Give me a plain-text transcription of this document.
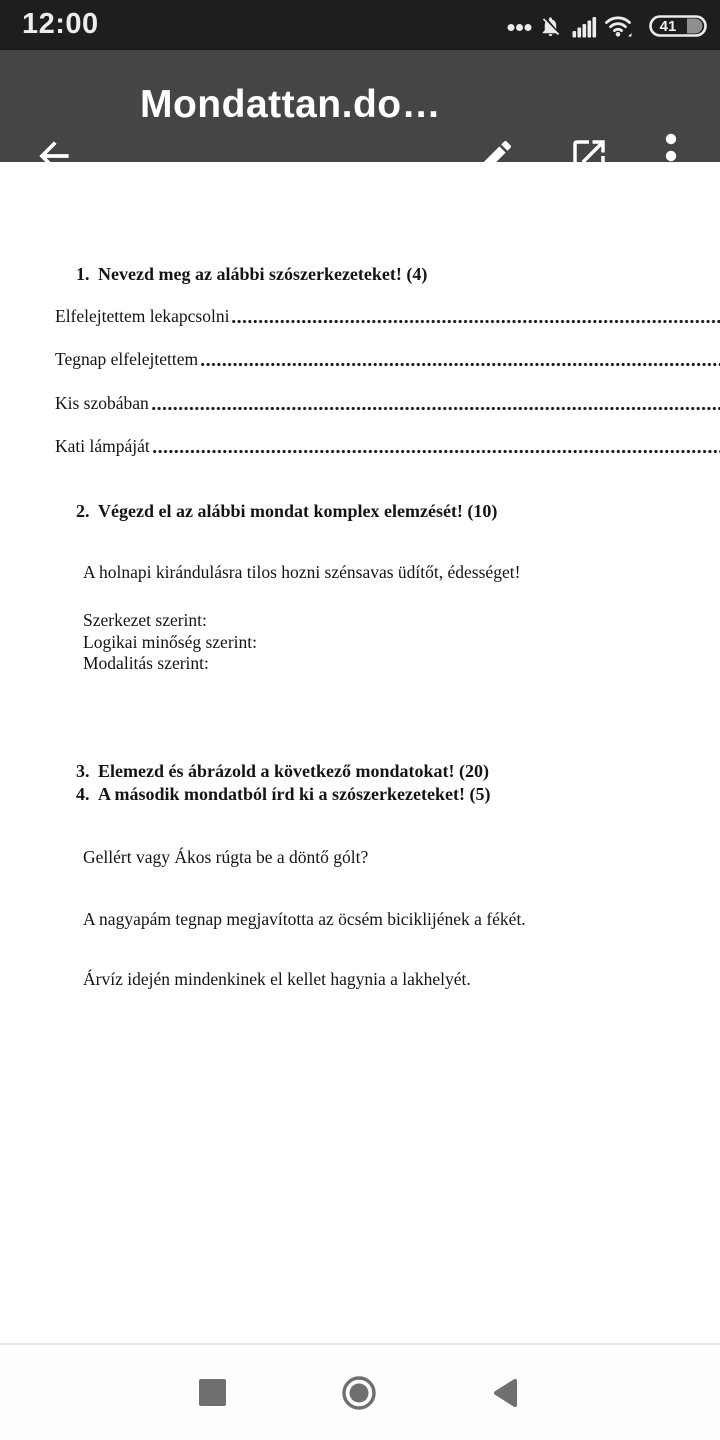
12:00	41
Mondattan.do…
1. Nevezd meg az alábbi szószerkezeteket! (4)
Elfelejtettem lekapcsolni
Tegnap elfelejtettem
Kis szobában
Kati lámpáját
2. Végezd el az alábbi mondat komplex elemzését! (10)

A holnapi kirándulásra tilos hozni szénsavas üdítőt, édességet!

Szerkezet szerint:

Logikai minőség szerint:

Modalitás szerint:

3. Elemezd és ábrázold a következő mondatokat! (20)
4. A második mondatból írd ki a szószerkezeteket! (5)

Gellért vagy Ákos rúgta be a döntő gólt?

A nagyapám tegnap megjavította az öcsém biciklijének a fékét.

Árvíz idején mindenkinek el kellet hagynia a lakhelyét.
